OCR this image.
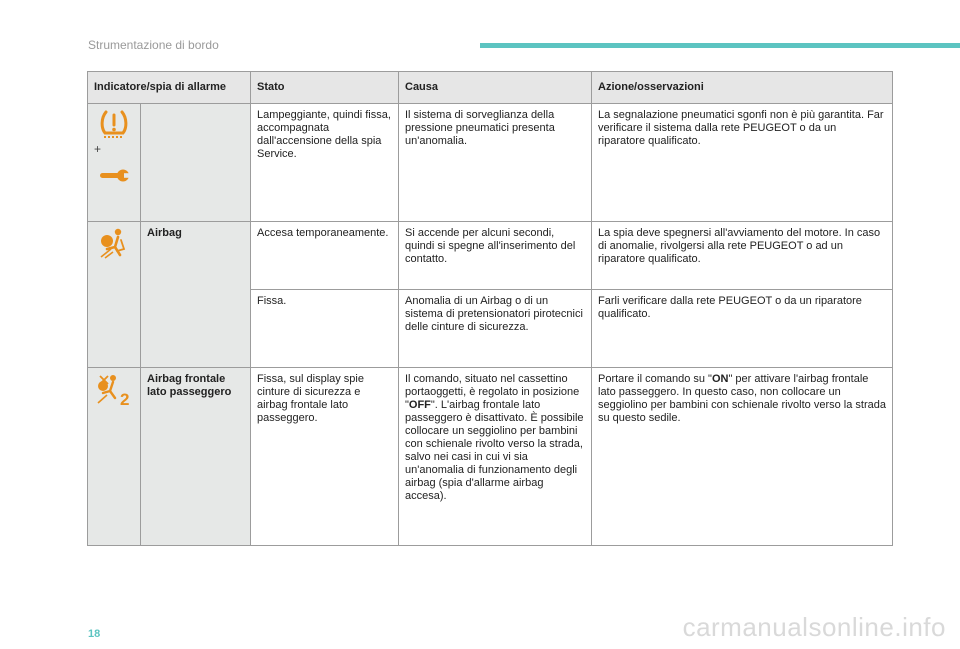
Strumentazione di bordo
Indicatore/spia di allarme		Stato	Causa	Azione/osservazioni

+		Lampeggiante, quindi fissa, accompagnata dall'accensione della spia Service.	Il sistema di sorveglianza della pressione pneumatici presenta un'anomalia.	La segnalazione pneumatici sgonfi non è più garantita. Far verificare il sistema dalla rete PEUGEOT o da un riparatore qualificato.

	Airbag	Accesa temporaneamente.	Si accende per alcuni secondi, quindi si spegne all'inserimento del contatto.	La spia deve spegnersi all'avviamento del motore. In caso di anomalie, rivolgersi alla rete PEUGEOT o ad un riparatore qualificato.
		Fissa.	Anomalia di un Airbag o di un sistema di pretensionatori pirotecnici delle cinture di sicurezza.	Farli verificare dalla rete PEUGEOT o da un riparatore qualificato.

2	Airbag frontale lato passeggero	Fissa, sul display spie cinture di sicurezza e airbag frontale lato passeggero.	Il comando, situato nel cassettino portaoggetti, è regolato in posizione "OFF". L'airbag frontale lato passeggero è disattivato. È possibile collocare un seggiolino per bambini con schienale rivolto verso la strada, salvo nei casi in cui vi sia un'anomalia di funzionamento degli airbag (spia d'allarme airbag accesa).	Portare il comando su "ON" per attivare l'airbag frontale lato passeggero. In questo caso, non collocare un seggiolino per bambini con schienale rivolto verso la strada su questo sedile.
18	carmanualsonline.info
